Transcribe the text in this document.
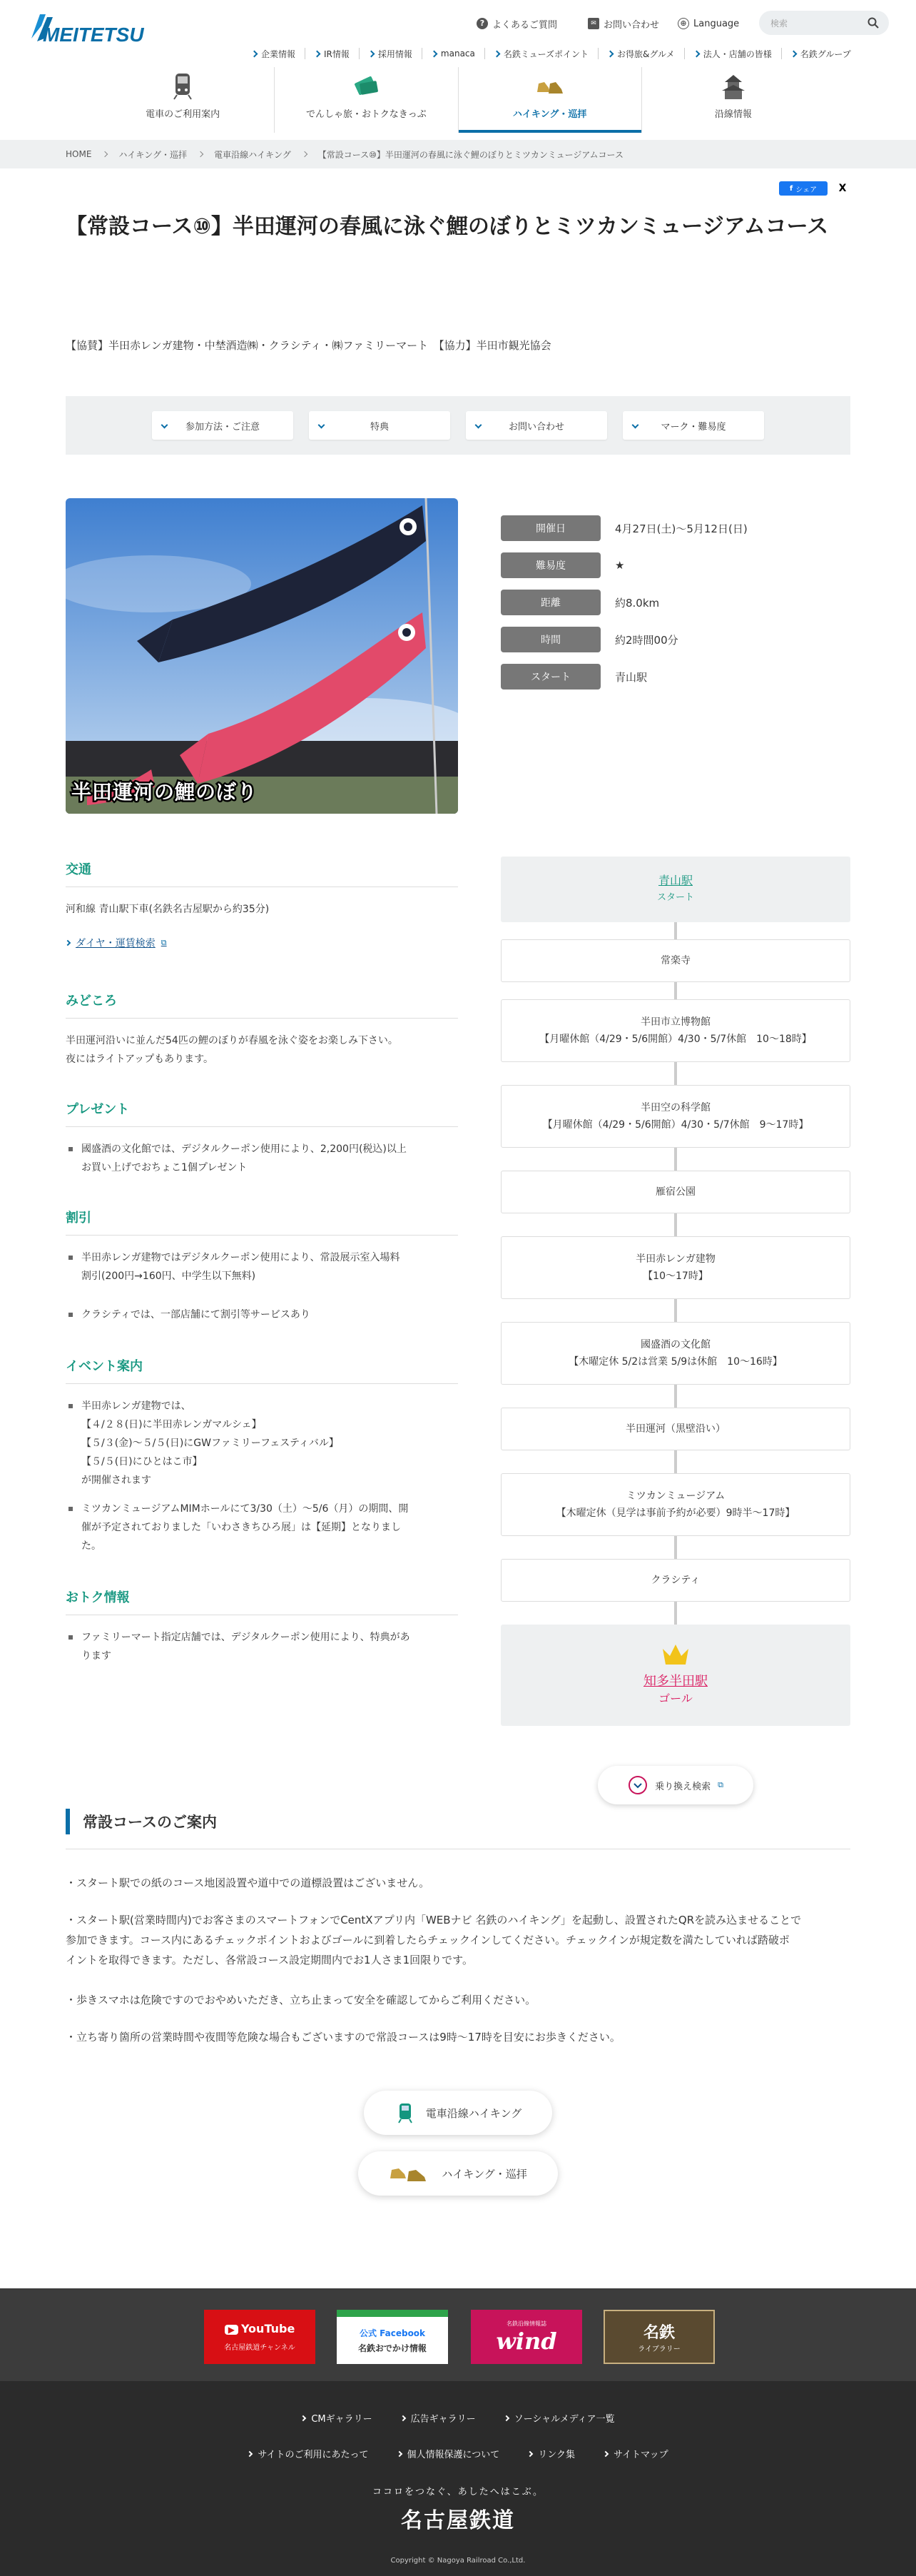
MEITETSU
? よくあるご質問	✉ お問い合わせ	⊕ Language	検索
企業情報	IR情報	採用情報	manaca	名鉄ミューズポイント	お得旅&グルメ	法人・店舗の皆様	名鉄グループ
電車のご利用案内	でんしゃ旅・おトクなきっぷ	ハイキング・巡拝	沿線情報
HOME	ハイキング・巡拝	電車沿線ハイキング	【常設コース⑩】半田運河の春風に泳ぐ鯉のぼりとミツカンミュージアムコース
f シェア X
【常設コース⑩】半田運河の春風に泳ぐ鯉のぼりとミツカンミュージアムコース
【協賛】半田赤レンガ建物・中埜酒造㈱・クラシティ・㈱ファミリーマート　【協力】半田市観光協会
参加方法・ご注意	特典	お問い合わせ	マーク・難易度
半田運河の鯉のぼり
開催日	4月27日(土)～5月12日(日)
難易度	★
距離	約8.0km
時間	約2時間00分
スタート	青山駅
交通

河和線 青山駅下車(名鉄名古屋駅から約35分)

ダイヤ・運賃検索 ⧉
みどころ

半田運河沿いに並んだ54匹の鯉のぼりが春風を泳ぐ姿をお楽しみ下さい。

夜にはライトアップもあります。

プレゼント
國盛酒の文化館では、デジタルクーポン使用により、2,200円(税込)以上
お買い上げでおちょこ1個プレゼント
割引
半田赤レンガ建物ではデジタルクーポン使用により、常設展示室入場料
割引(200円→160円、中学生以下無料)
クラシティでは、一部店舗にて割引等サービスあり
イベント案内
半田赤レンガ建物では、
【４/２８(日)に半田赤レンガマルシェ】
【５/３(金)～５/５(日)にGWファミリーフェスティバル】
【５/５(日)にひとはこ市】
が開催されます
ミツカンミュージアムMIMホールにて3/30（土）～5/6（月）の期間、開
催が予定されておりました「いわさきちひろ展」は【延期】となりまし
た。
おトク情報
ファミリーマート指定店舗では、デジタルクーポン使用により、特典があ
ります
青山駅
スタート
常楽寺
半田市立博物館
【月曜休館（4/29・5/6開館）4/30・5/7休館　10～18時】
半田空の科学館
【月曜休館（4/29・5/6開館）4/30・5/7休館　9～17時】
雁宿公園
半田赤レンガ建物
【10～17時】
國盛酒の文化館
【木曜定休 5/2は営業 5/9は休館　10～16時】
半田運河（黒壁沿い）
ミツカンミュージアム
【木曜定休（見学は事前予約が必要）9時半～17時】
クラシティ
知多半田駅
ゴール
乗り換え検索 ⧉
常設コースのご案内
・スタート駅での紙のコース地図設置や道中での道標設置はございません。
・スタート駅(営業時間内)でお客さまのスマートフォンでCentXアプリ内「WEBナビ 名鉄のハイキング」を起動し、設置されたQRを読み込ませることで
参加できます。コース内にあるチェックポイントおよびゴールに到着したらチェックインしてください。チェックインが規定数を満たしていれば踏破ポ
イントを取得できます。ただし、各常設コース設定期間内でお1人さま1回限りです。
・歩きスマホは危険ですのでおやめいただき、立ち止まって安全を確認してからご利用ください。
・立ち寄り箇所の営業時間や夜間等危険な場合もございますので常設コースは9時～17時を目安にお歩きください。
電車沿線ハイキング
ハイキング・巡拝
▶ YouTube
名古屋鉄道チャンネル
公式 Facebook
名鉄おでかけ情報
名鉄沿線情報誌
wind	名鉄
ライブラリー
CMギャラリー	広告ギャラリー	ソーシャルメディア一覧
サイトのご利用にあたって	個人情報保護について	リンク集	サイトマップ
ココロをつなぐ、あしたへはこぶ。
名古屋鉄道
Copyright © Nagoya Railroad Co.,Ltd.
